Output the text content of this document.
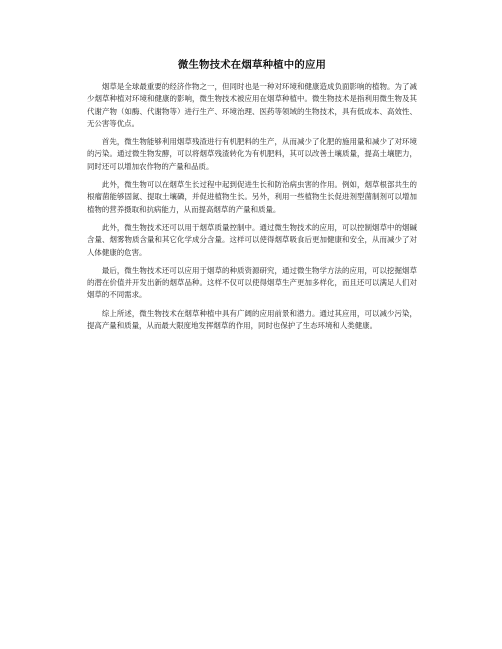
微生物技术在烟草种植中的应用

烟草是全球最重要的经济作物之一，但同时也是一种对环境和健康造成负面影响的植物。为了减少烟草种植对环境和健康的影响，微生物技术被应用在烟草种植中。微生物技术是指利用微生物及其代谢产物（如酶、代谢物等）进行生产、环境治理、医药等领域的生物技术，具有低成本、高效性、无公害等优点。

首先，微生物能够利用烟草残渣进行有机肥料的生产，从而减少了化肥的施用量和减少了对环境的污染。通过微生物发酵，可以将烟草残渣转化为有机肥料，其可以改善土壤质量，提高土壤肥力，同时还可以增加农作物的产量和品质。

此外，微生物可以在烟草生长过程中起到促进生长和防治病虫害的作用。例如，烟草根部共生的根瘤菌能够固氮、提取土壤磷，并促进植物生长。另外，利用一些植物生长促进剂型菌制剂可以增加植物的营养摄取和抗病能力，从而提高烟草的产量和质量。

此外，微生物技术还可以用于烟草质量控制中。通过微生物技术的应用，可以控制烟草中的烟碱含量、烟雾物质含量和其它化学成分含量。这样可以使得烟草吸食后更加健康和安全，从而减少了对人体健康的危害。

最后，微生物技术还可以应用于烟草的种质资源研究，通过微生物学方法的应用，可以挖掘烟草的潜在价值并开发出新的烟草品种。这样不仅可以使得烟草生产更加多样化，而且还可以满足人们对烟草的不同需求。

综上所述，微生物技术在烟草种植中具有广阔的应用前景和潜力。通过其应用，可以减少污染，提高产量和质量，从而最大限度地发挥烟草的作用，同时也保护了生态环境和人类健康。
